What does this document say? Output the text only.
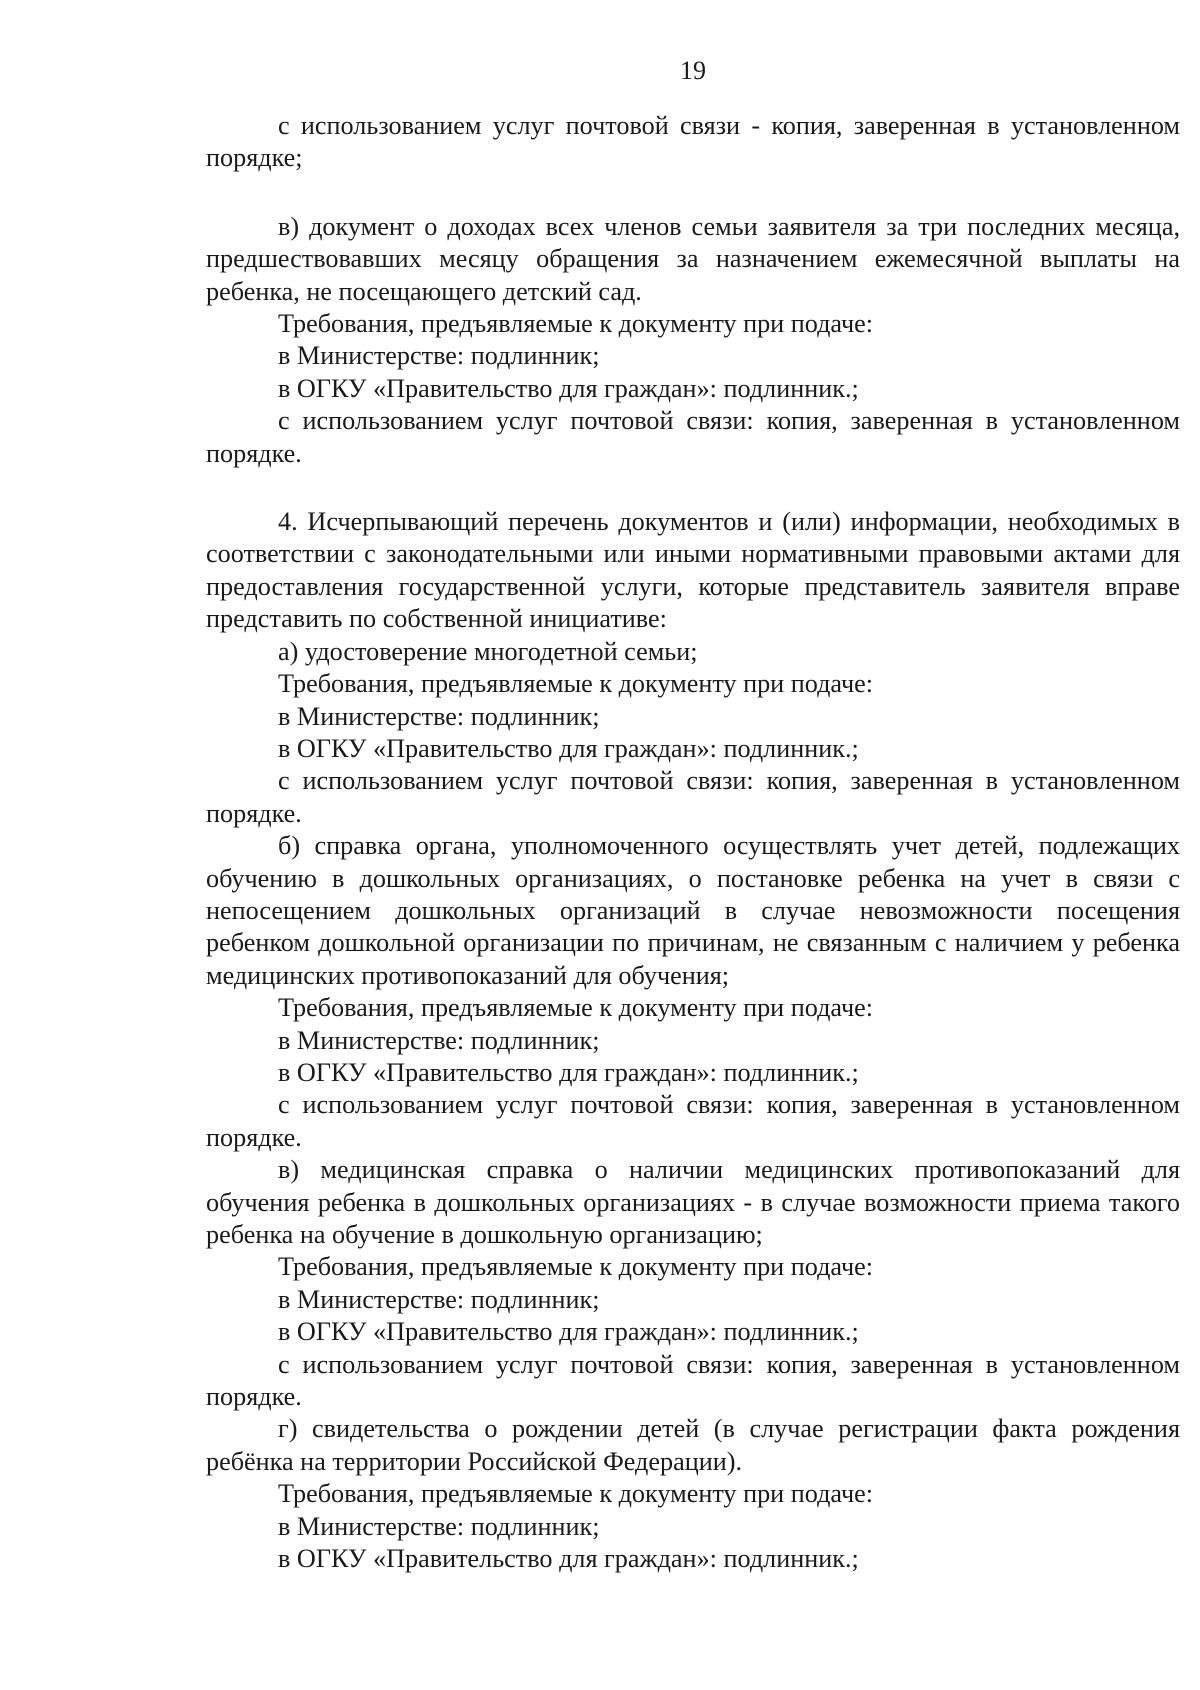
19

с использованием услуг почтовой связи - копия, заверенная в установленном порядке;

в) документ о доходах всех членов семьи заявителя за три последних месяца, предшествовавших месяцу обращения за назначением ежемесячной выплаты на ребенка, не посещающего детский сад.

Требования, предъявляемые к документу при подаче:

в Министерстве: подлинник;

в ОГКУ «Правительство для граждан»: подлинник.;

с использованием услуг почтовой связи: копия, заверенная в установленном порядке.

4. Исчерпывающий перечень документов и (или) информации, необходимых в соответствии с законодательными или иными нормативными правовыми актами для предоставления государственной услуги, которые представитель заявителя вправе представить по собственной инициативе:

а) удостоверение многодетной семьи;

Требования, предъявляемые к документу при подаче:

в Министерстве: подлинник;

в ОГКУ «Правительство для граждан»: подлинник.;

с использованием услуг почтовой связи: копия, заверенная в установленном порядке.

б) справка органа, уполномоченного осуществлять учет детей, подлежащих обучению в дошкольных организациях, о постановке ребенка на учет в связи с непосещением дошкольных организаций в случае невозможности посещения ребенком дошкольной организации по причинам, не связанным с наличием у ребенка медицинских противопоказаний для обучения;

Требования, предъявляемые к документу при подаче:

в Министерстве: подлинник;

в ОГКУ «Правительство для граждан»: подлинник.;

с использованием услуг почтовой связи: копия, заверенная в установленном порядке.

в) медицинская справка о наличии медицинских противопоказаний для обучения ребенка в дошкольных организациях - в случае возможности приема такого ребенка на обучение в дошкольную организацию;

Требования, предъявляемые к документу при подаче:

в Министерстве: подлинник;

в ОГКУ «Правительство для граждан»: подлинник.;

с использованием услуг почтовой связи: копия, заверенная в установленном порядке.

г) свидетельства о рождении детей (в случае регистрации факта рождения ребёнка на территории Российской Федерации).

Требования, предъявляемые к документу при подаче:

в Министерстве: подлинник;

в ОГКУ «Правительство для граждан»: подлинник.;
